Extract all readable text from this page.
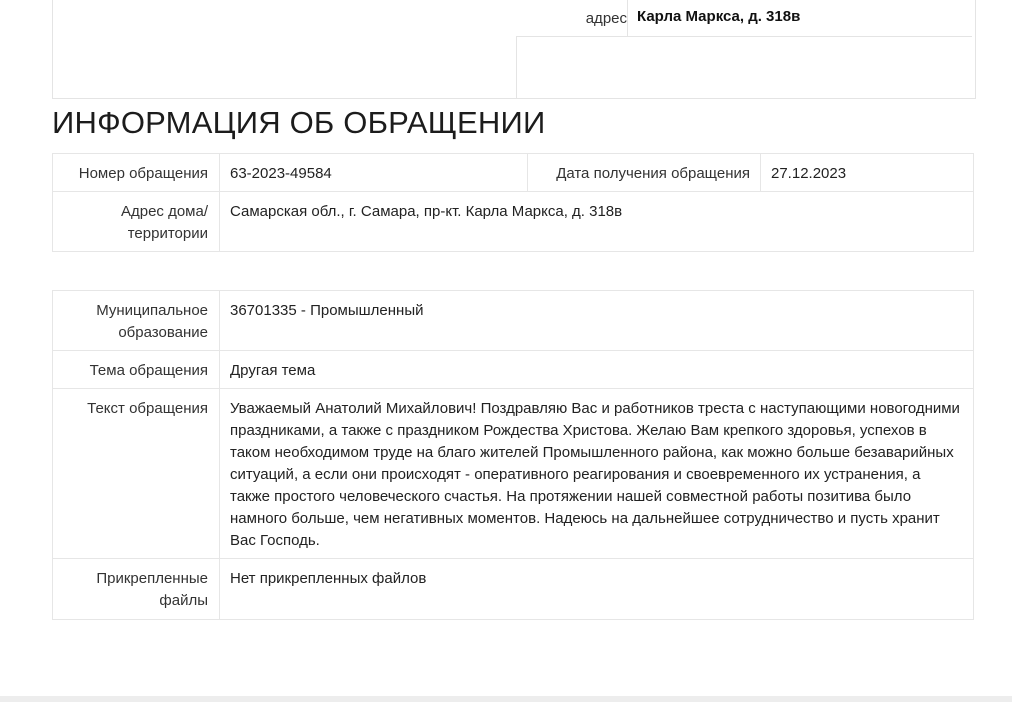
адрес Карла Маркса, д. 318в
ИНФОРМАЦИЯ ОБ ОБРАЩЕНИИ
Номер обращения	63-2023-49584	Дата получения обращения	27.12.2023
Адрес дома/ территории	Самарская обл., г. Самара, пр-кт. Карла Маркса, д. 318в		

Муниципальное образование	36701335 - Промышленный		
Тема обращения	Другая тема		
Текст обращения	Уважаемый Анатолий Михайлович! Поздравляю Вас и работников треста с наступающими новогодними праздниками, а также с праздником Рождества Христова. Желаю Вам крепкого здоровья, успехов в таком необходимом труде на благо жителей Промышленного района, как можно больше безаварийных ситуаций, а если они происходят - оперативного реагирования и своевременного их устранения, а также простого человеческого счастья. На протяжении нашей совместной работы позитива было намного больше, чем негативных моментов. Надеюсь на дальнейшее сотрудничество и пусть хранит Вас Господь.		
Прикрепленные файлы	Нет прикрепленных файлов		
